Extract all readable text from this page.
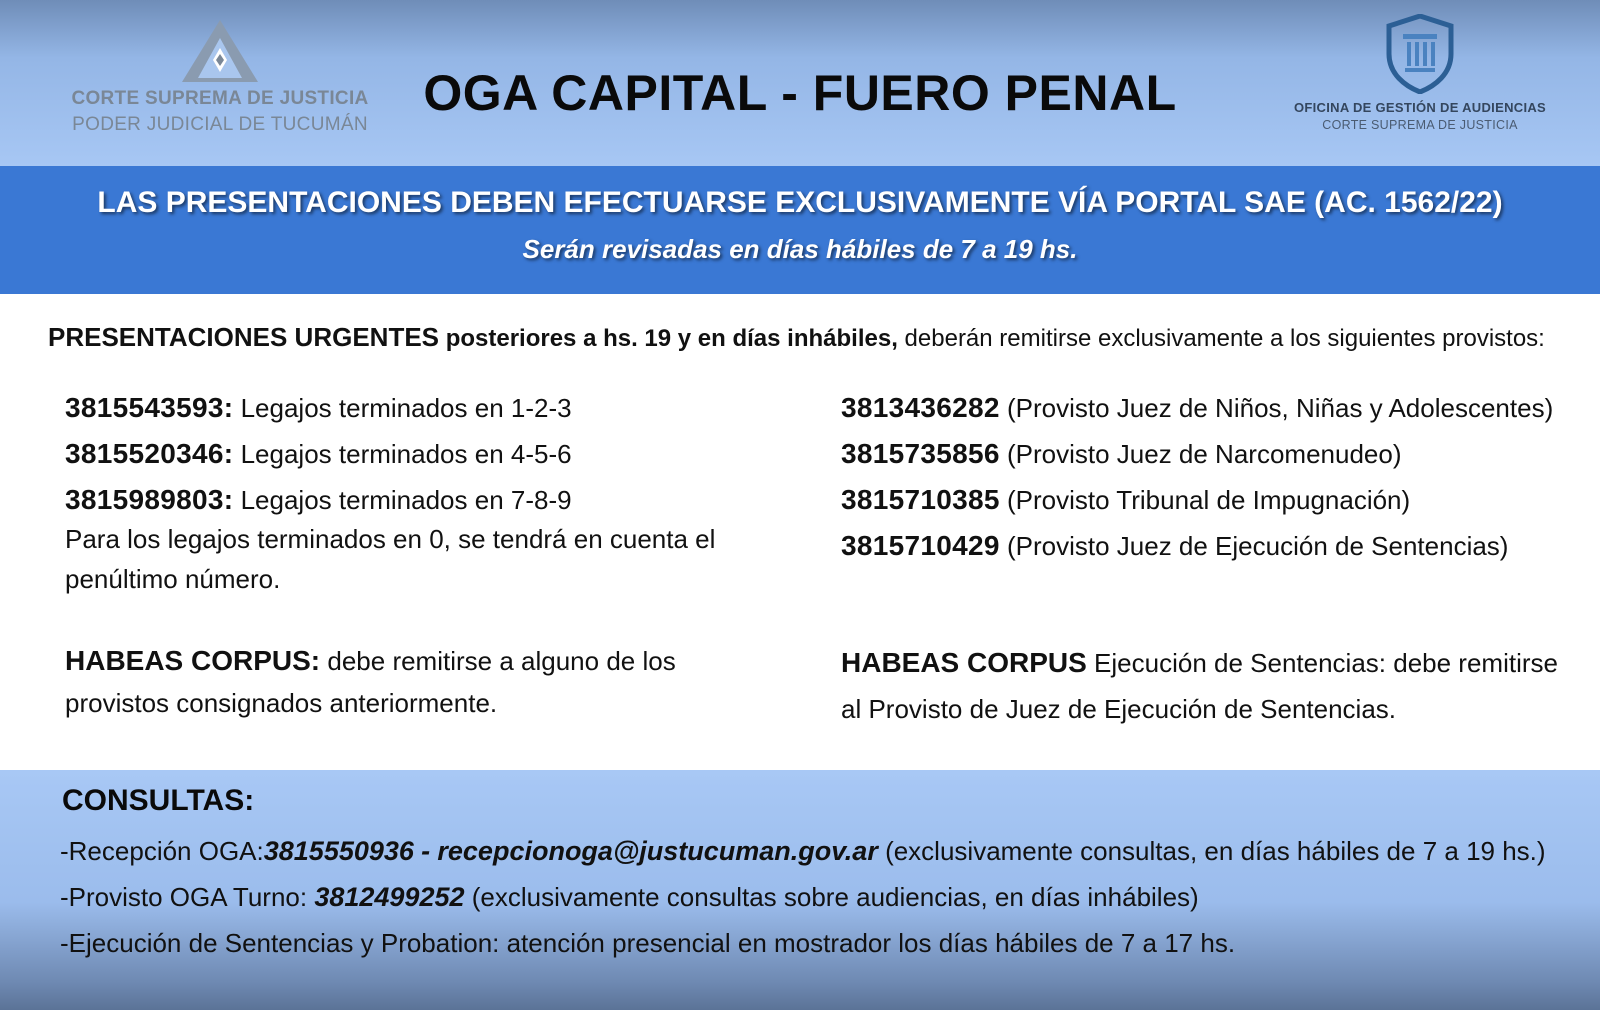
CORTE SUPREMA DE JUSTICIA
PODER JUDICIAL DE TUCUMÁN
OGA CAPITAL - FUERO PENAL	OFICINA DE GESTIÓN DE AUDIENCIAS
CORTE SUPREMA DE JUSTICIA
LAS PRESENTACIONES DEBEN EFECTUARSE EXCLUSIVAMENTE VÍA PORTAL SAE (AC. 1562/22)
Serán revisadas en días hábiles de 7 a 19 hs.
PRESENTACIONES URGENTES posteriores a hs. 19 y en días inhábiles, deberán remitirse exclusivamente a los siguientes provistos:
3815543593: Legajos terminados en 1-2-3
3815520346: Legajos terminados en 4-5-6
3815989803: Legajos terminados en 7-8-9
Para los legajos terminados en 0, se tendrá en cuenta el penúltimo número.
3813436282 (Provisto Juez de Niños, Niñas y Adolescentes)
3815735856 (Provisto Juez de Narcomenudeo)
3815710385 (Provisto Tribunal de Impugnación)
3815710429 (Provisto Juez de Ejecución de Sentencias)
HABEAS CORPUS: debe remitirse a alguno de los provistos consignados anteriormente.
HABEAS CORPUS Ejecución de Sentencias: debe remitirse al Provisto de Juez de Ejecución de Sentencias.
CONSULTAS:
-Recepción OGA:3815550936 - recepcionoga@justucuman.gov.ar (exclusivamente consultas, en días hábiles de 7 a 19 hs.)
-Provisto OGA Turno: 3812499252 (exclusivamente consultas sobre audiencias, en días inhábiles)
-Ejecución de Sentencias y Probation: atención presencial en mostrador los días hábiles de 7 a 17 hs.
